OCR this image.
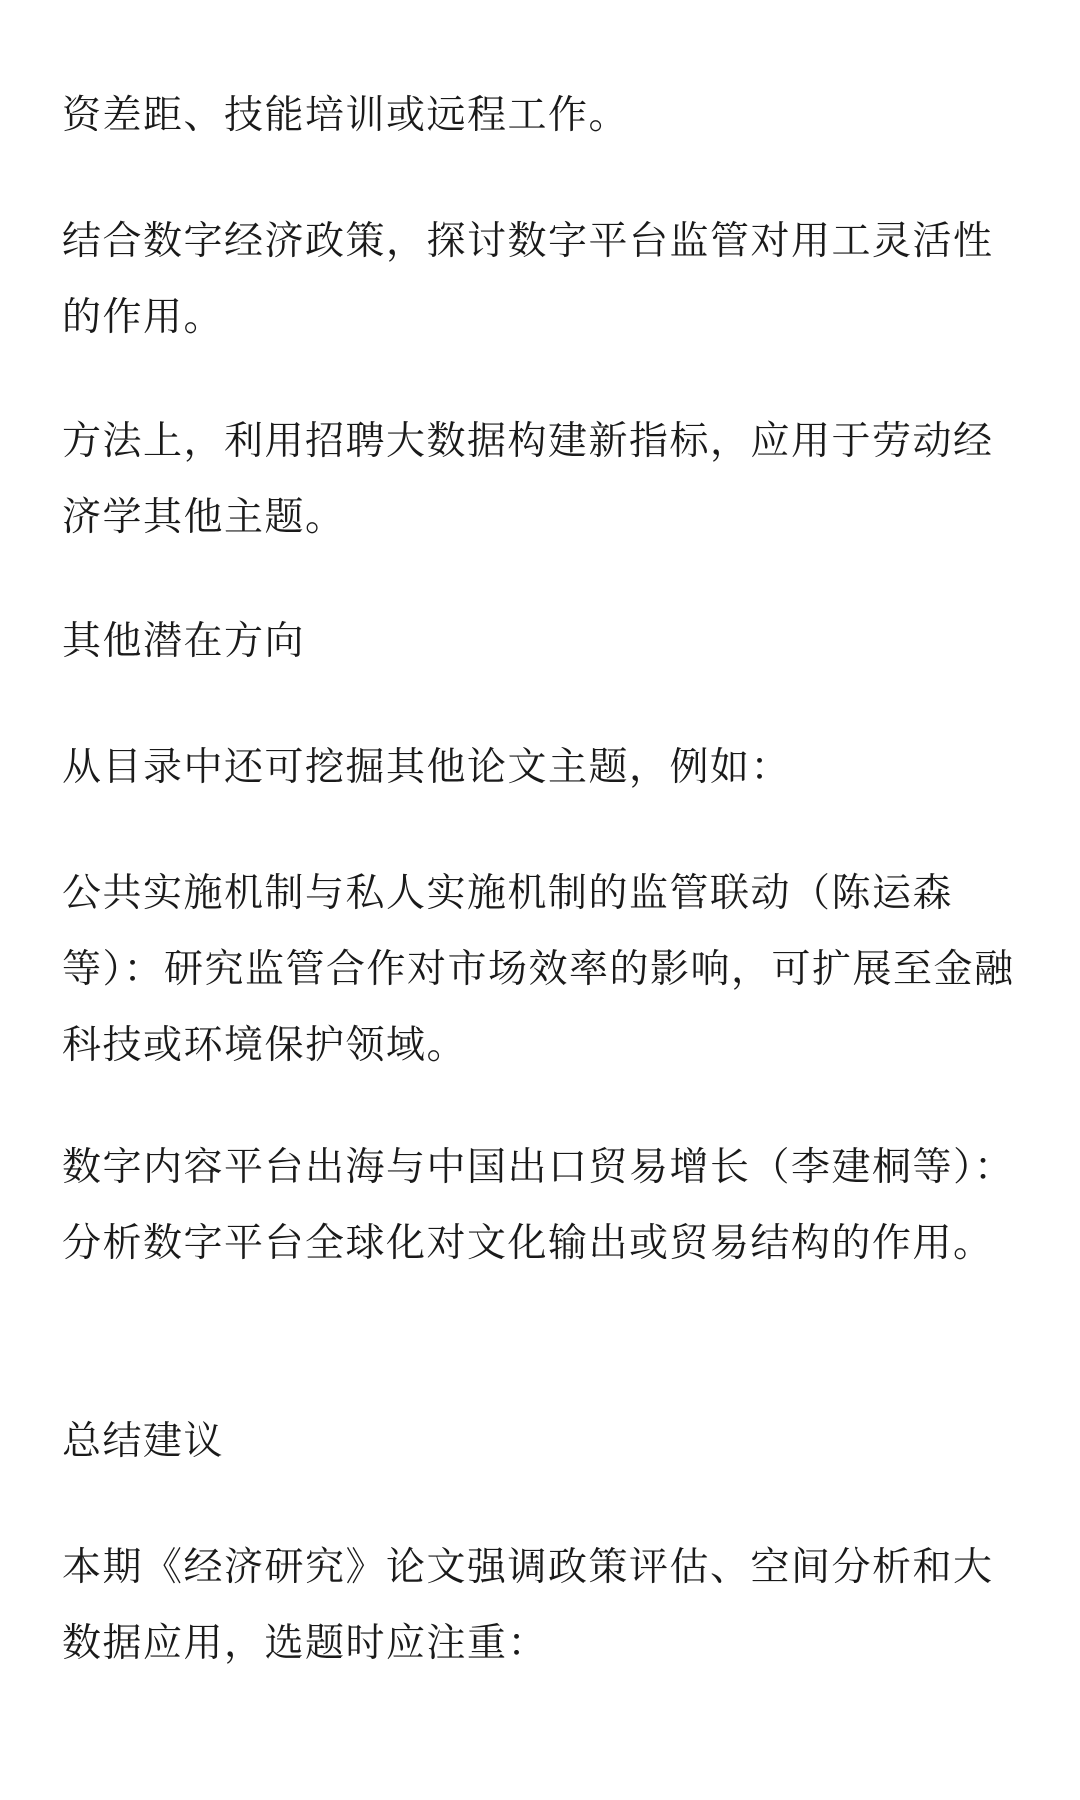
资差距、技能培训或远程工作。

结合数字经济政策，探讨数字平台监管对用工灵活性的作用。

方法上，利用招聘大数据构建新指标，应用于劳动经济学其他主题。

其他潜在方向

从目录中还可挖掘其他论文主题，例如：

公共实施机制与私人实施机制的监管联动（陈运森等）：研究监管合作对市场效率的影响，可扩展至金融科技或环境保护领域。

数字内容平台出海与中国出口贸易增长（李建桐等）：分析数字平台全球化对文化输出或贸易结构的作用。

总结建议

本期《经济研究》论文强调政策评估、空间分析和大数据应用，选题时应注重：
